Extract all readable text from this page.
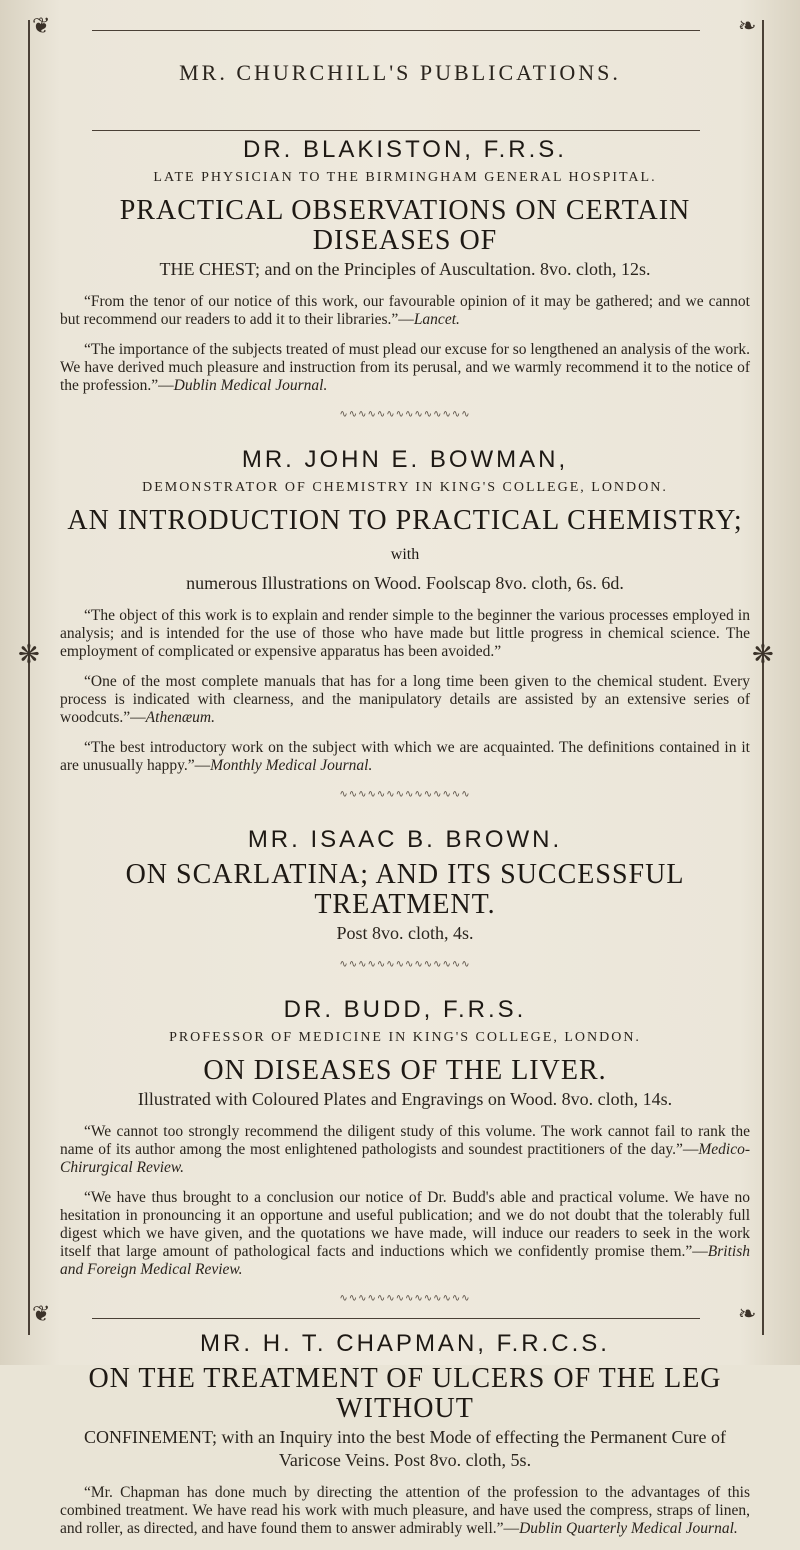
❦	❧
❦	❧
❋	❋
MR. CHURCHILL'S PUBLICATIONS.
DR. BLAKISTON, F.R.S.
LATE PHYSICIAN TO THE BIRMINGHAM GENERAL HOSPITAL.
PRACTICAL OBSERVATIONS ON CERTAIN DISEASES OF
THE CHEST; and on the Principles of Auscultation. 8vo. cloth, 12s.

“From the tenor of our notice of this work, our favourable opinion of it may be gathered; and we cannot but recommend our readers to add it to their libraries.”—Lancet.

“The importance of the subjects treated of must plead our excuse for so lengthened an analysis of the work. We have derived much pleasure and instruction from its perusal, and we warmly recommend it to the notice of the profession.”—Dublin Medical Journal.

∿∿∿∿∿∿∿∿∿∿∿∿∿∿
MR. JOHN E. BOWMAN,
DEMONSTRATOR OF CHEMISTRY IN KING'S COLLEGE, LONDON.
AN INTRODUCTION TO PRACTICAL CHEMISTRY; with
numerous Illustrations on Wood. Foolscap 8vo. cloth, 6s. 6d.

“The object of this work is to explain and render simple to the beginner the various processes employed in analysis; and is intended for the use of those who have made but little progress in chemical science. The employment of complicated or expensive apparatus has been avoided.”

“One of the most complete manuals that has for a long time been given to the chemical student. Every process is indicated with clearness, and the manipulatory details are assisted by an extensive series of woodcuts.”—Athenæum.

“The best introductory work on the subject with which we are acquainted. The definitions contained in it are unusually happy.”—Monthly Medical Journal.

∿∿∿∿∿∿∿∿∿∿∿∿∿∿
MR. ISAAC B. BROWN.
ON SCARLATINA; AND ITS SUCCESSFUL TREATMENT.
Post 8vo. cloth, 4s.
∿∿∿∿∿∿∿∿∿∿∿∿∿∿
DR. BUDD, F.R.S.
PROFESSOR OF MEDICINE IN KING'S COLLEGE, LONDON.
ON DISEASES OF THE LIVER.
Illustrated with Coloured Plates and Engravings on Wood. 8vo. cloth, 14s.

“We cannot too strongly recommend the diligent study of this volume. The work cannot fail to rank the name of its author among the most enlightened pathologists and soundest practitioners of the day.”—Medico-Chirurgical Review.

“We have thus brought to a conclusion our notice of Dr. Budd's able and practical volume. We have no hesitation in pronouncing it an opportune and useful publication; and we do not doubt that the tolerably full digest which we have given, and the quotations we have made, will induce our readers to seek in the work itself that large amount of pathological facts and inductions which we confidently promise them.”—British and Foreign Medical Review.

∿∿∿∿∿∿∿∿∿∿∿∿∿∿
MR. H. T. CHAPMAN, F.R.C.S.
ON THE TREATMENT OF ULCERS OF THE LEG WITHOUT
CONFINEMENT; with an Inquiry into the best Mode of effecting the Permanent Cure of Varicose Veins. Post 8vo. cloth, 5s.

“Mr. Chapman has done much by directing the attention of the profession to the advantages of this combined treatment. We have read his work with much pleasure, and have used the compress, straps of linen, and roller, as directed, and have found them to answer admirably well.”—Dublin Quarterly Medical Journal.
